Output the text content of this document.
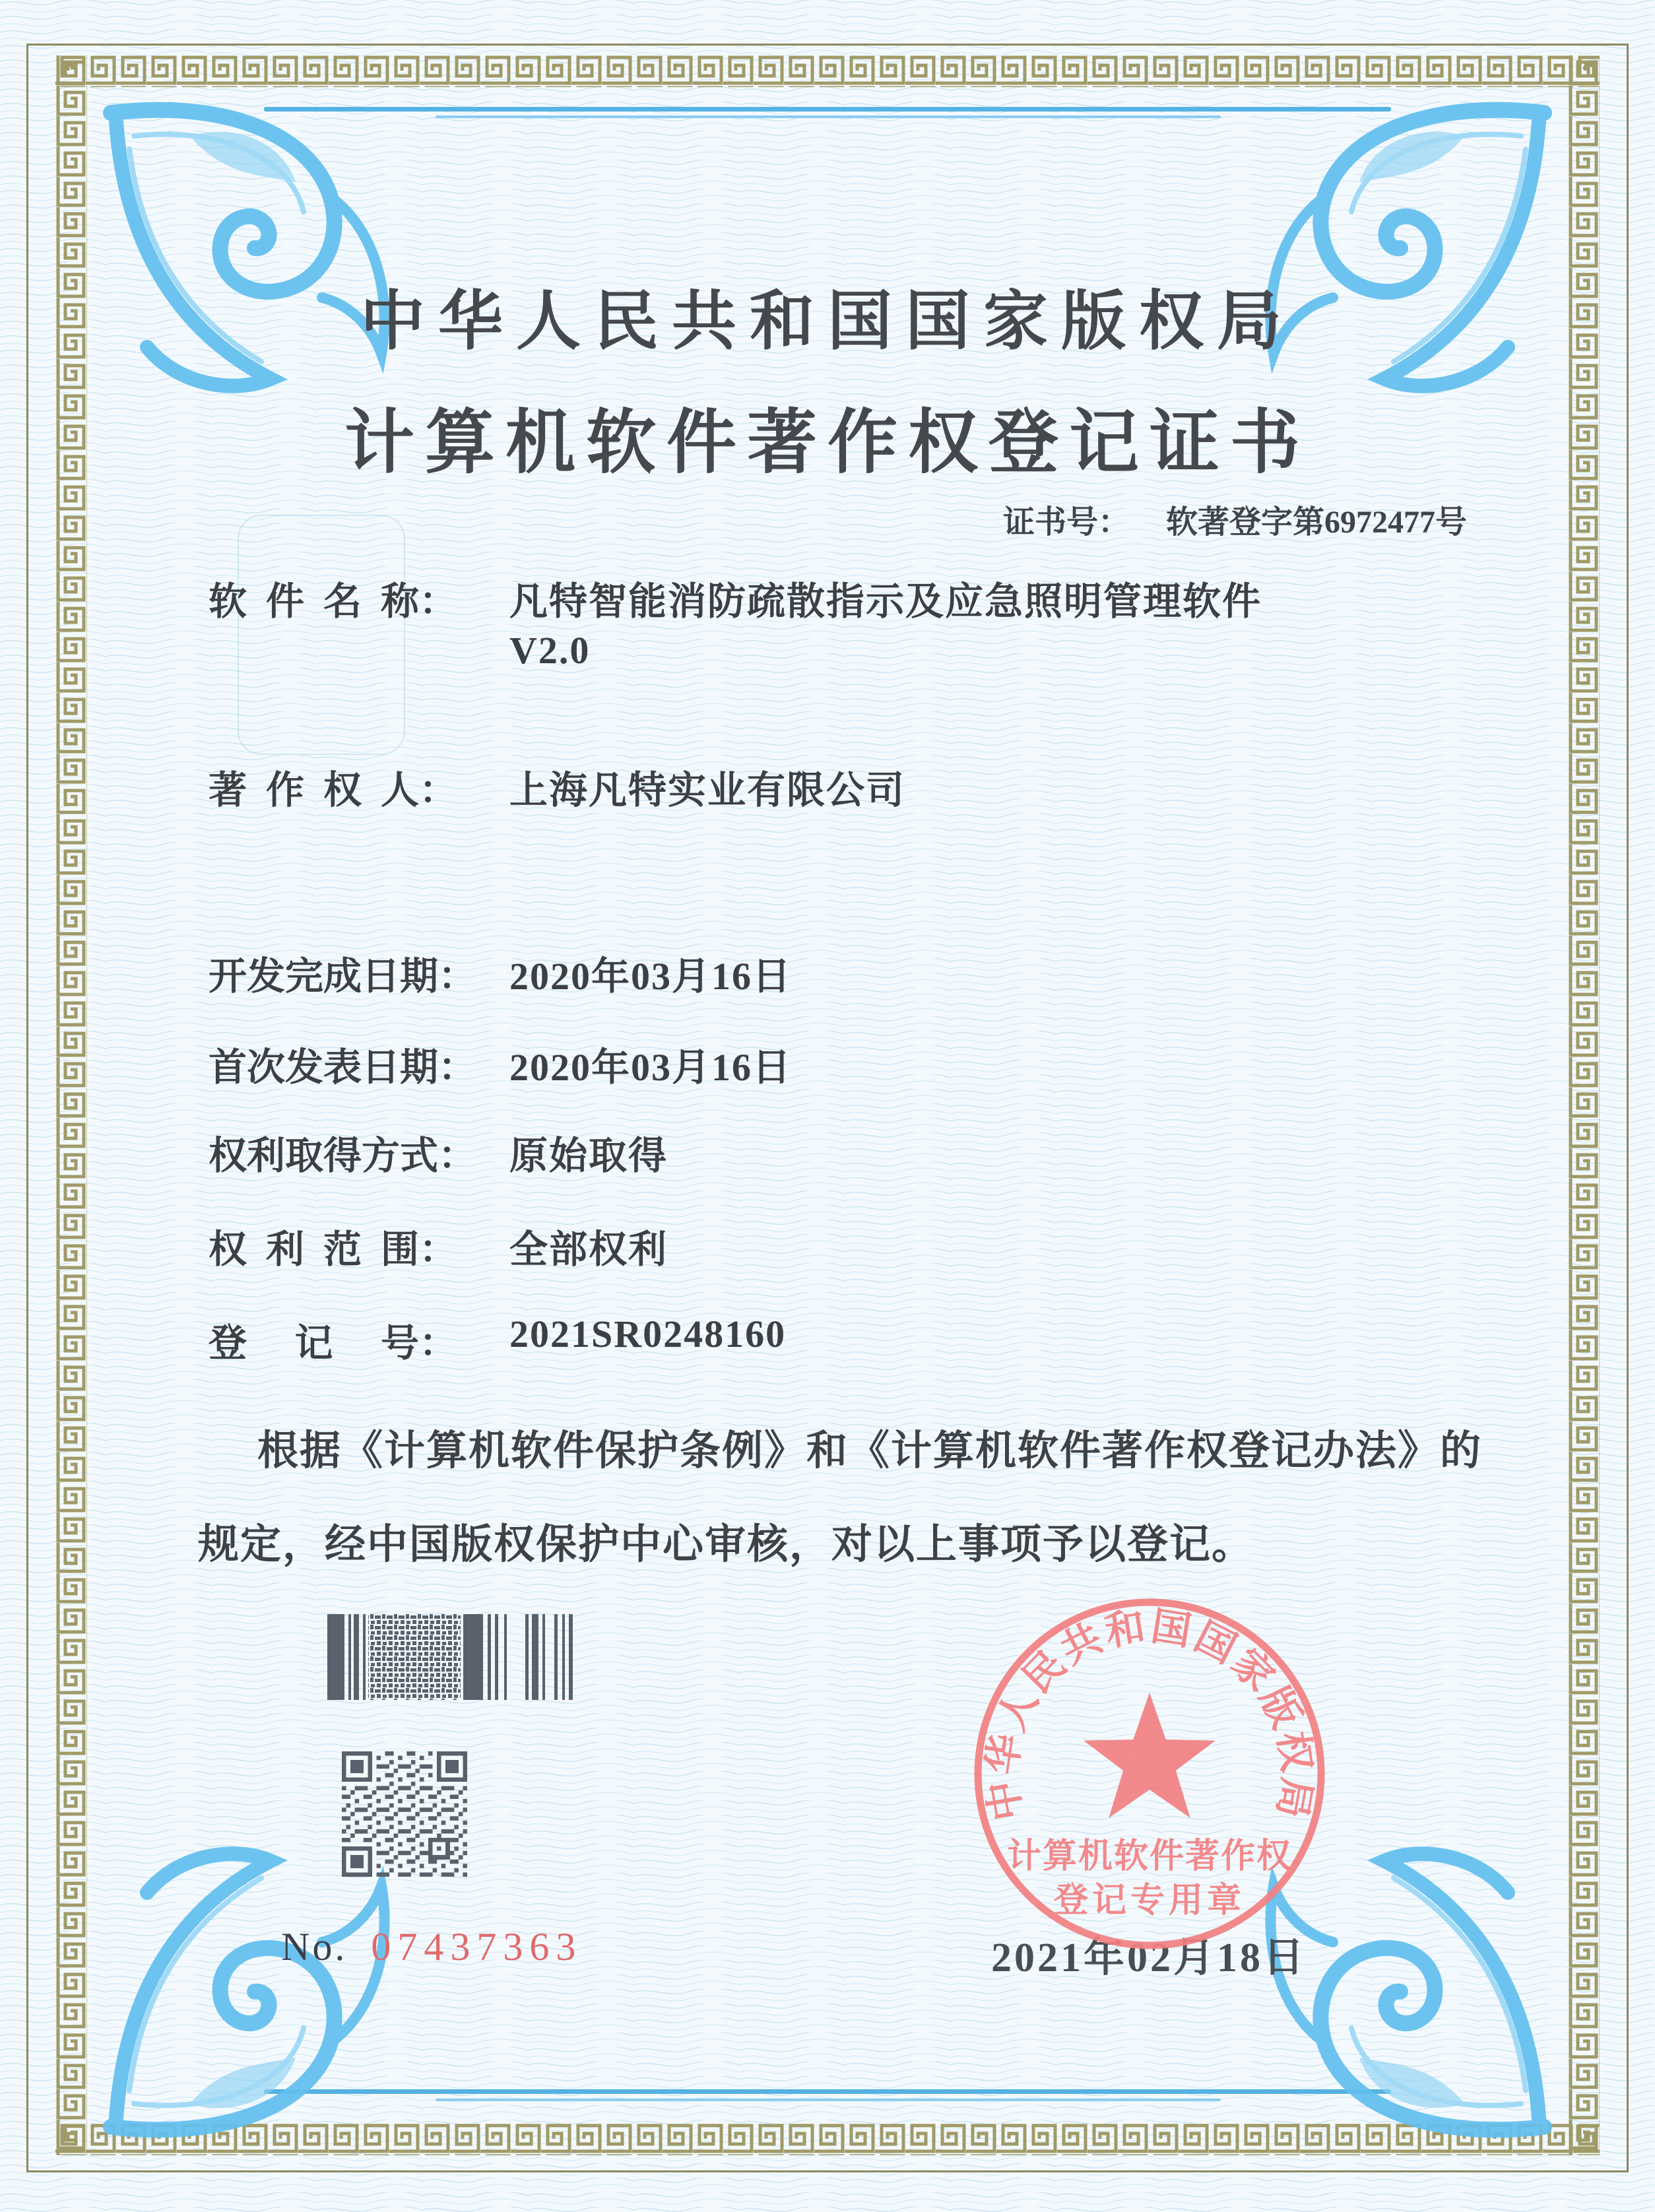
中华人民共和国国家版权局
计算机软件著作权登记证书
证书号： 软著登字第6972477号
软  件  名  称： 凡特智能消防疏散指示及应急照明管理软件
V2.0
著  作  权  人： 上海凡特实业有限公司
开发完成日期： 2020年03月16日
首次发表日期： 2020年03月16日
权利取得方式： 原始取得
权  利  范  围： 全部权利
登     记     号： 2021SR0248160
根据《计算机软件保护条例》和《计算机软件著作权登记办法》的
规定，经中国版权保护中心审核，对以上事项予以登记。
No. 07437363	2021年02月18日
中华人民共和国国家版权局
计算机软件著作权
登记专用章
